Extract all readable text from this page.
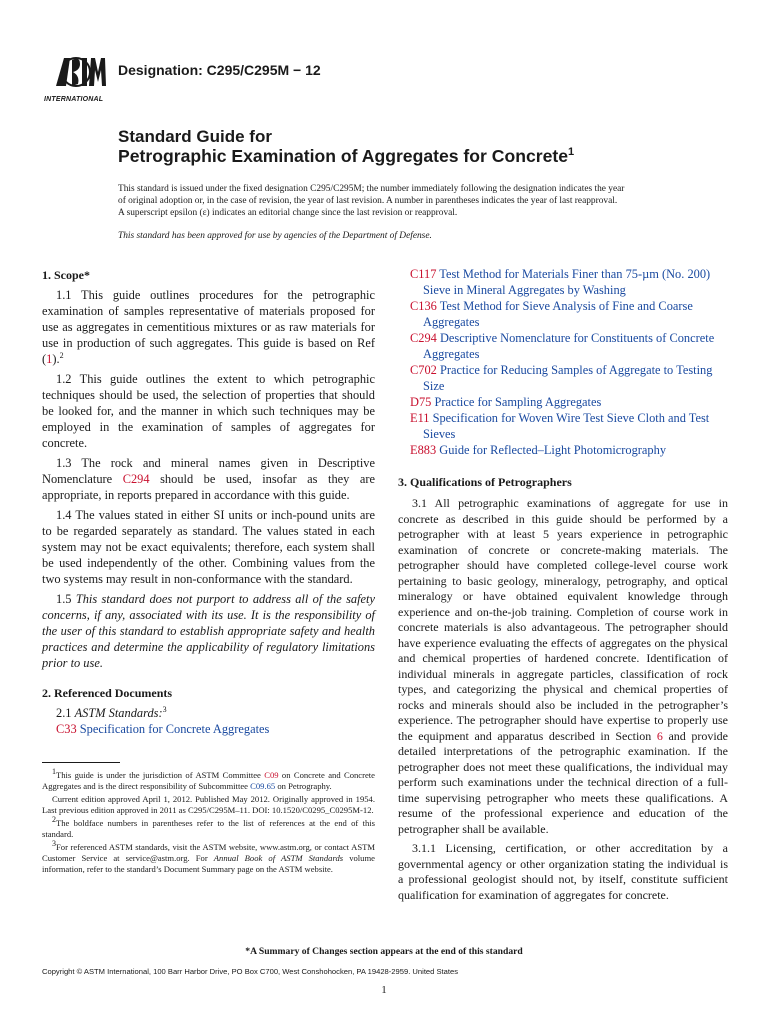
INTERNATIONAL
Designation: C295/C295M − 12
Standard Guide for
Petrographic Examination of Aggregates for Concrete$^1$
This standard is issued under the fixed designation C295/C295M; the number immediately following the designation indicates the year
of original adoption or, in the case of revision, the year of last revision. A number in parentheses indicates the year of last reapproval.
A superscript epsilon (ε) indicates an editorial change since the last revision or reapproval.
This standard has been approved for use by agencies of the Department of Defense.
1. Scope*

1.1 This guide outlines procedures for the petrographic examination of samples representative of materials proposed for use as aggregates in cementitious mixtures or as raw materials for use in production of such aggregates. This guide is based on Ref (1).$^2$

1.2 This guide outlines the extent to which petrographic techniques should be used, the selection of properties that should be looked for, and the manner in which such techniques may be employed in the examination of samples of aggregates for concrete.

1.3 The rock and mineral names given in Descriptive Nomenclature C294 should be used, insofar as they are appropriate, in reports prepared in accordance with this guide.

1.4 The values stated in either SI units or inch-pound units are to be regarded separately as standard. The values stated in each system may not be exact equivalents; therefore, each system shall be used independently of the other. Combining values from the two systems may result in non-conformance with the standard.

1.5 This standard does not purport to address all of the safety concerns, if any, associated with its use. It is the responsibility of the user of this standard to establish appropriate safety and health practices and determine the applicability of regulatory limitations prior to use.

2. Referenced Documents

2.1 ASTM Standards:$^3$

C33 Specification for Concrete Aggregates

C117 Test Method for Materials Finer than 75-µm (No. 200) Sieve in Mineral Aggregates by Washing

C136 Test Method for Sieve Analysis of Fine and Coarse Aggregates

C294 Descriptive Nomenclature for Constituents of Concrete Aggregates

C702 Practice for Reducing Samples of Aggregate to Testing Size

D75 Practice for Sampling Aggregates

E11 Specification for Woven Wire Test Sieve Cloth and Test Sieves

E883 Guide for Reflected–Light Photomicrography

3. Qualifications of Petrographers

3.1 All petrographic examinations of aggregate for use in concrete as described in this guide should be performed by a petrographer with at least 5 years experience in petrographic examination of concrete or concrete-making materials. The petrographer should have completed college-level course work pertaining to basic geology, mineralogy, petrography, and optical mineralogy or have obtained equivalent knowledge through experience and on-the-job training. Completion of course work in concrete materials is also advantageous. The petrographer should have experience evaluating the effects of aggregates on the physical and chemical properties of hardened concrete. Identification of individual minerals in aggregate particles, classification of rock types, and categorizing the physical and chemical properties of rocks and minerals should also be included in the petrographer’s experience. The petrographer should have expertise to properly use the equipment and apparatus described in Section 6 and provide detailed interpretations of the petrographic examination. If the petrographer does not meet these qualifications, the individual may perform such examinations under the technical direction of a full-time supervising petrographer who meets these qualifications. A resume of the professional experience and education of the petrographer shall be available.

3.1.1 Licensing, certification, or other accreditation by a governmental agency or other organization stating the individual is a professional geologist should not, by itself, constitute sufficient qualification for examination of aggregates for concrete.

$^1$This guide is under the jurisdiction of ASTM Committee C09 on Concrete and Concrete Aggregates and is the direct responsibility of Subcommittee C09.65 on Petrography.

Current edition approved April 1, 2012. Published May 2012. Originally approved in 1954. Last previous edition approved in 2011 as C295/C295M–11. DOI: 10.1520/C0295_C0295M-12.

$^2$The boldface numbers in parentheses refer to the list of references at the end of this standard.

$^3$For referenced ASTM standards, visit the ASTM website, www.astm.org, or contact ASTM Customer Service at service@astm.org. For Annual Book of ASTM Standards volume information, refer to the standard’s Document Summary page on the ASTM website.

*A Summary of Changes section appears at the end of this standard
Copyright © ASTM International, 100 Barr Harbor Drive, PO Box C700, West Conshohocken, PA 19428-2959. United States
1
